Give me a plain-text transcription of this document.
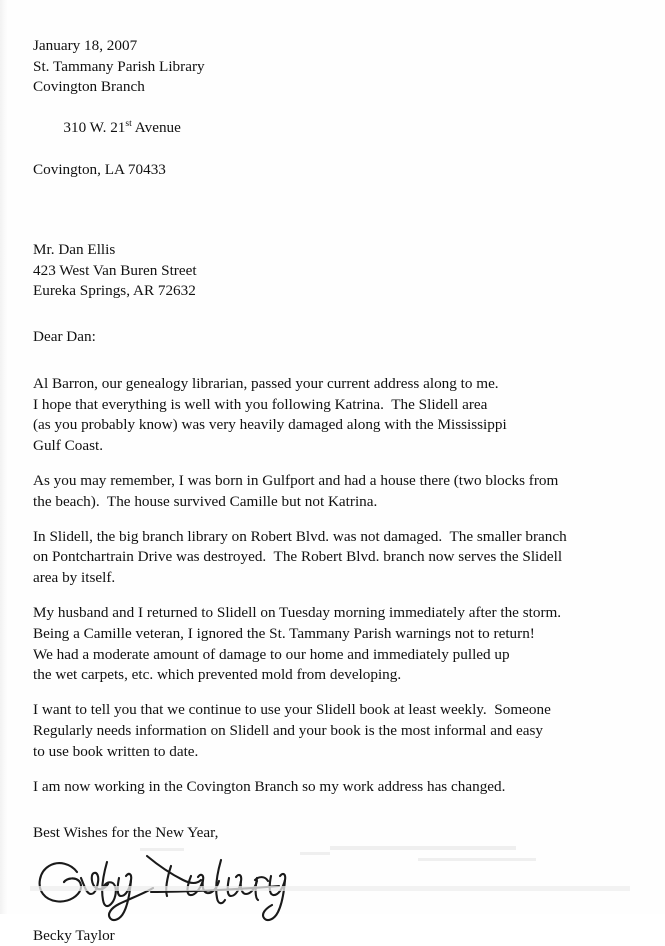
January 18, 2007
St. Tammany Parish Library
Covington Branch

310 W. 21st Avenue

Covington, LA 70433
Mr. Dan Ellis
423 West Van Buren Street
Eureka Springs, AR 72632
Dear Dan:
Al Barron, our genealogy librarian, passed your current address along to me.
I hope that everything is well with you following Katrina.  The Slidell area
(as you probably know) was very heavily damaged along with the Mississippi
Gulf Coast.
As you may remember, I was born in Gulfport and had a house there (two blocks from
the beach).  The house survived Camille but not Katrina.
In Slidell, the big branch library on Robert Blvd. was not damaged.  The smaller branch
on Pontchartrain Drive was destroyed.  The Robert Blvd. branch now serves the Slidell
area by itself.
My husband and I returned to Slidell on Tuesday morning immediately after the storm.
Being a Camille veteran, I ignored the St. Tammany Parish warnings not to return!
We had a moderate amount of damage to our home and immediately pulled up
the wet carpets, etc. which prevented mold from developing.
I want to tell you that we continue to use your Slidell book at least weekly.  Someone
Regularly needs information on Slidell and your book is the most informal and easy
to use book written to date.
I am now working in the Covington Branch so my work address has changed.
Best Wishes for the New Year,
Becky Taylor
